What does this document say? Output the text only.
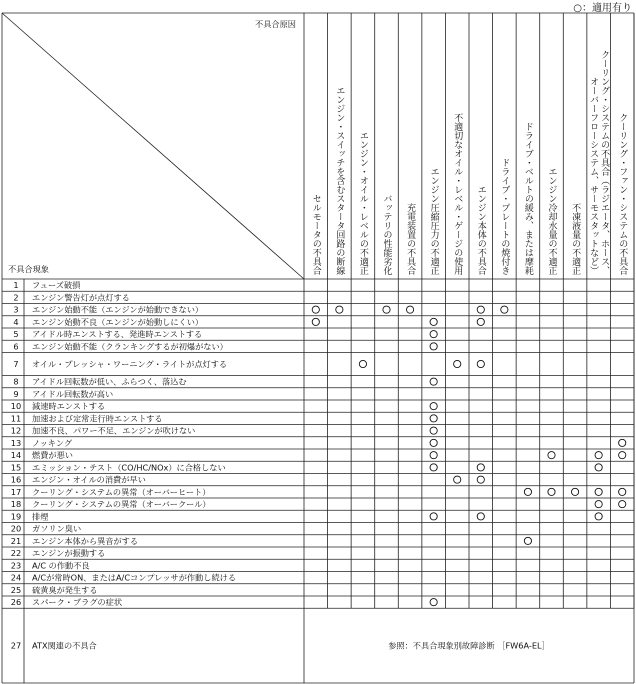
○：適用有り
不具合原因
不具合現象	セルモータの不具合 エンジン・スイッチを含むスタータ回路の断線 エンジン・オイル・レベルの不適正 バッテリの性能劣化 充電装置の不具合 エンジン圧縮圧力の不適正 不適切なオイル・レベル・ゲージの使用 エンジン本体の不具合 ドライブ・プレートの焼付き ドライブ・ベルトの緩み、または摩耗 エンジン冷却水量の不適正 不凍液量の不適正 クーリング・システムの不具合（ラジエータ、ホース、
オーバーフローシステム、サーモスタットなど） クーリング・ファン・システムの不具合
1 フューズ破損
2 エンジン警告灯が点灯する
3 エンジン始動不能（エンジンが始動できない）
4 エンジン始動不良（エンジンが始動しにくい）
5 アイドル時エンストする、発進時エンストする
6 エンジン始動不能（クランキングするが初爆がない）
7 オイル・プレッシャ・ワーニング・ライトが点灯する
8 アイドル回転数が低い、ふらつく、落込む
9 アイドル回転数が高い
10 減速時エンストする
11 加速および定常走行時エンストする
12 加速不良、パワー不足、エンジンが吹けない
13 ノッキング
14 燃費が悪い
15 エミッション・テスト（CO/HC/NOx）に合格しない
16 エンジン・オイルの消費が早い
17 クーリング・システムの異常（オーバーヒート）
18 クーリング・システムの異常（オーバークール）
19 排煙
20 ガソリン臭い
21 エンジン本体から異音がする
22 エンジンが振動する
23 A/C の作動不良
24 A/Cが常時ON、またはA/Cコンプレッサが作動し続ける
25 硫黄臭が発生する
26 スパーク・プラグの症状
27 ATX関連の不具合	参照：不具合現象別故障診断 ［FW6A-EL］
